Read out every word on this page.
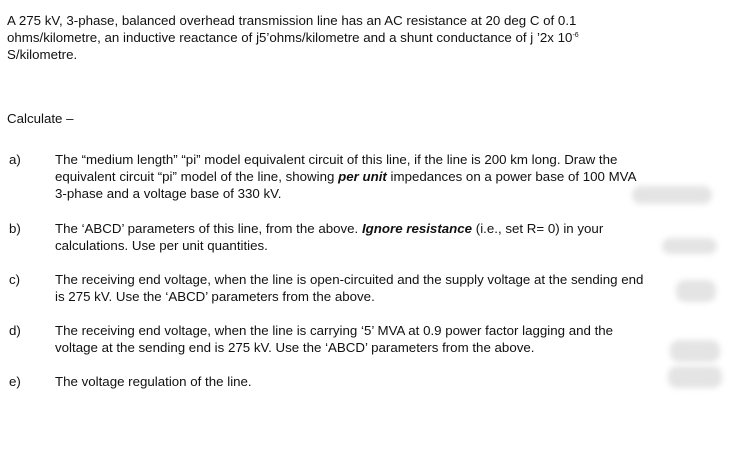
A 275 kV, 3-phase, balanced overhead transmission line has an AC resistance at 20 deg C of 0.1
ohms/kilometre, an inductive reactance of j5’ohms/kilometre and a shunt conductance of j ’2x $10^{-6}$
S/kilometre.
Calculate –
a)	The “medium length” “pi” model equivalent circuit of this line, if the line is 200 km long. Draw the
equivalent circuit “pi” model of the line, showing per unit impedances on a power base of 100 MVA
3-phase and a voltage base of 330 kV.
b)	The ‘ABCD’ parameters of this line, from the above. Ignore resistance (i.e., set R= 0) in your
calculations. Use per unit quantities.
c)	The receiving end voltage, when the line is open-circuited and the supply voltage at the sending end
is 275 kV. Use the ‘ABCD’ parameters from the above.
d)	The receiving end voltage, when the line is carrying ‘5’ MVA at 0.9 power factor lagging and the
voltage at the sending end is 275 kV. Use the ‘ABCD’ parameters from the above.
e)	The voltage regulation of the line.
